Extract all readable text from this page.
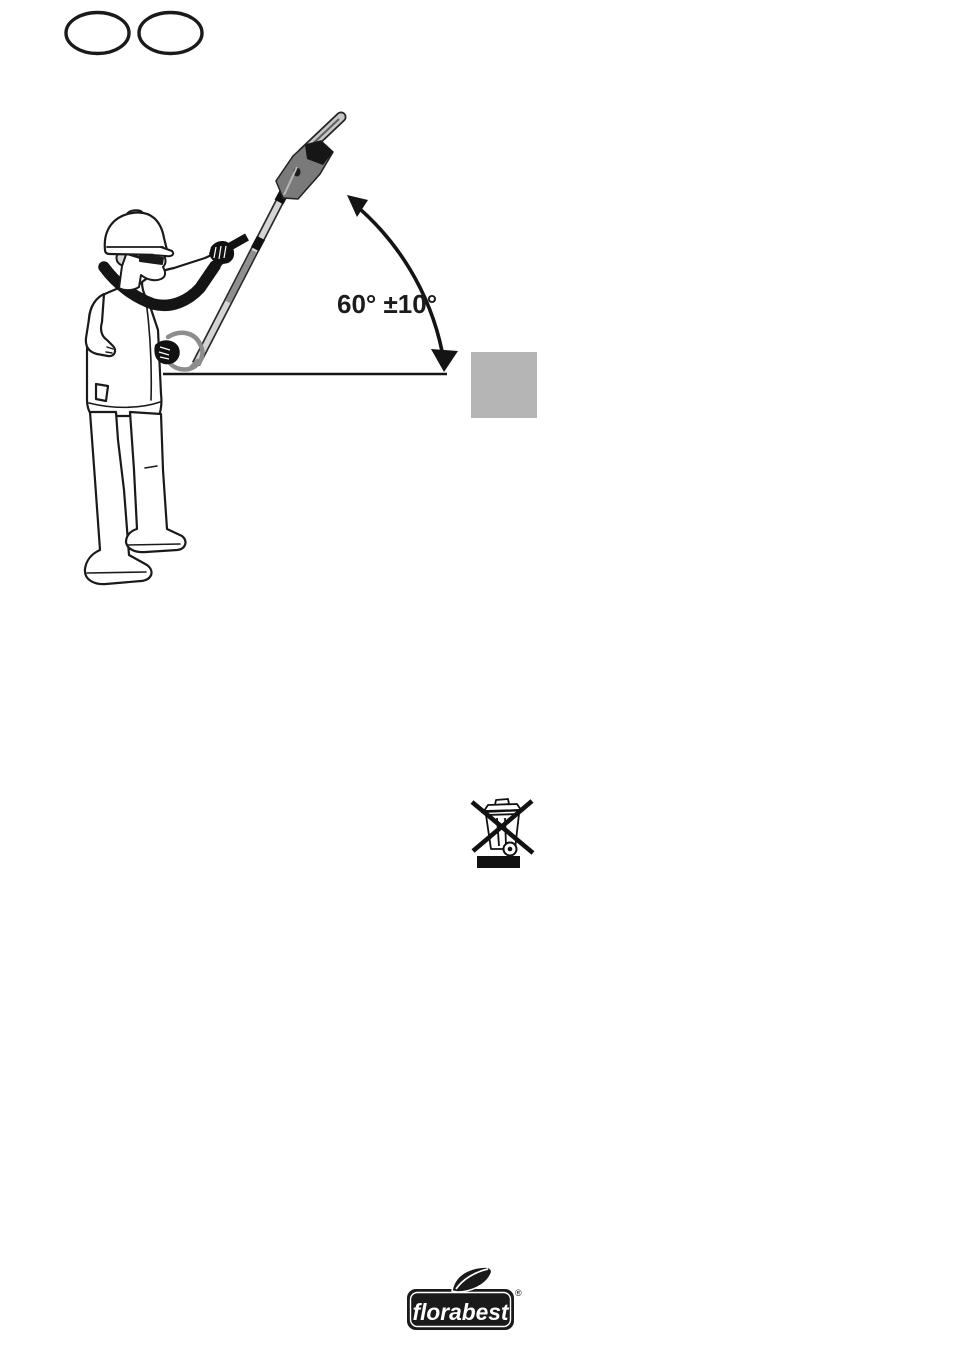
60° ±10°
florabest
®
